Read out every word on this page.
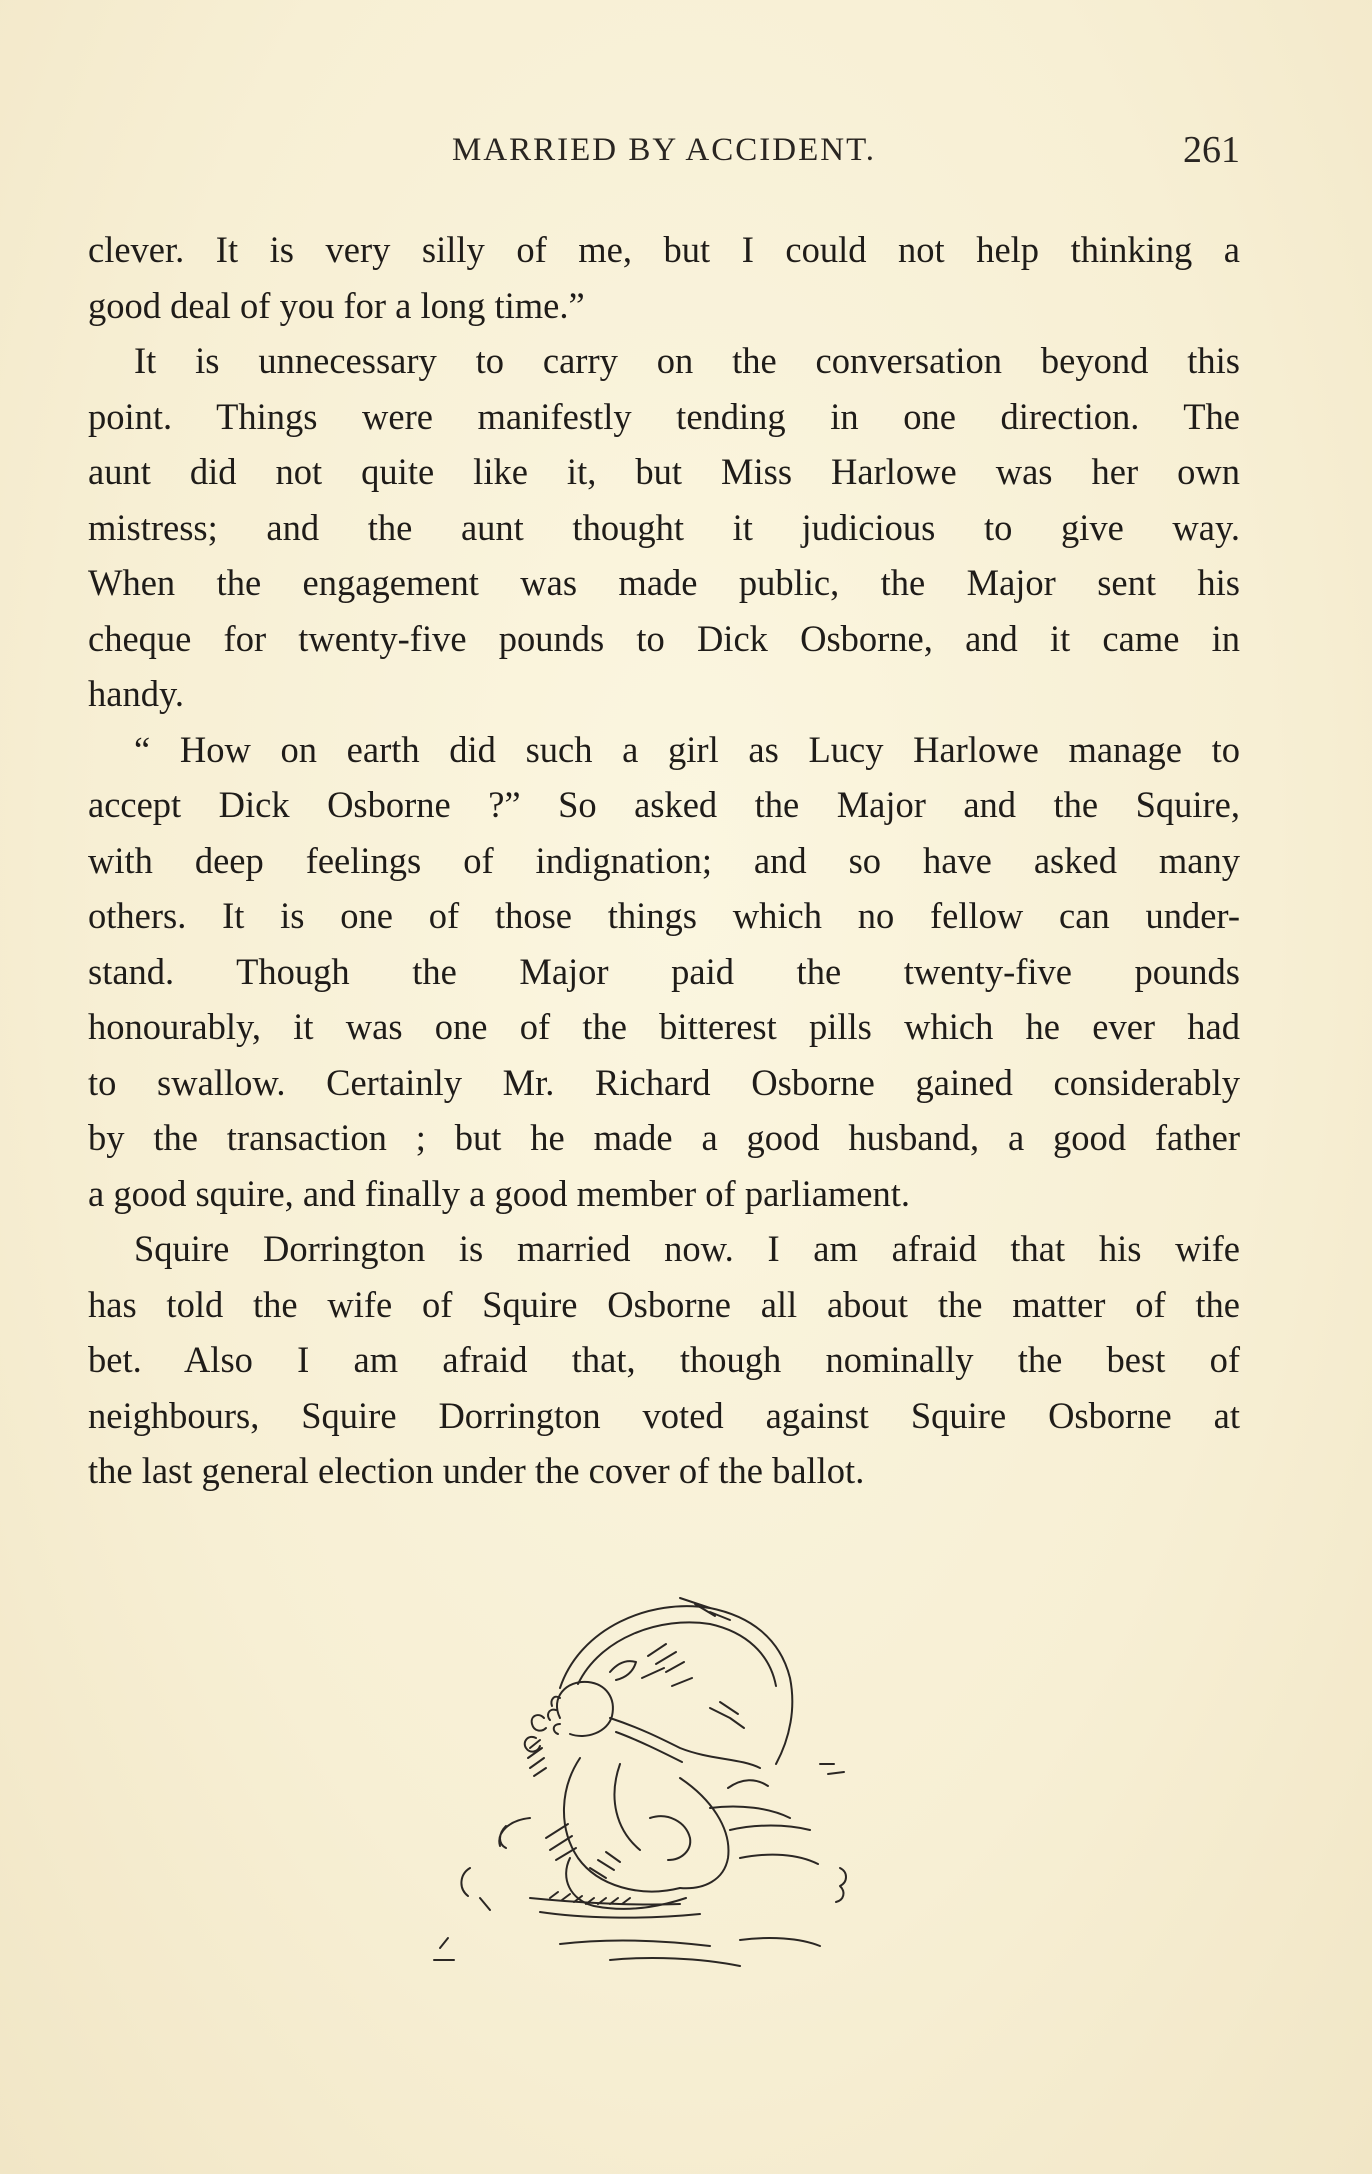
MARRIED BY ACCIDENT.	261
clever. It is very silly of me, but I could not help thinking a
good deal of you for a long time.”
It is unnecessary to carry on the conversation beyond this
point. Things were manifestly tending in one direction. The
aunt did not quite like it, but Miss Harlowe was her own
mistress; and the aunt thought it judicious to give way.
When the engagement was made public, the Major sent his
cheque for twenty-five pounds to Dick Osborne, and it came in
handy.
“ How on earth did such a girl as Lucy Harlowe manage to
accept Dick Osborne ?” So asked the Major and the Squire,
with deep feelings of indignation; and so have asked many
others. It is one of those things which no fellow can under-
stand. Though the Major paid the twenty-five pounds
honourably, it was one of the bitterest pills which he ever had
to swallow. Certainly Mr. Richard Osborne gained considerably
by the transaction ; but he made a good husband, a good father
a good squire, and finally a good member of parliament.
Squire Dorrington is married now. I am afraid that his wife
has told the wife of Squire Osborne all about the matter of the
bet. Also I am afraid that, though nominally the best of
neighbours, Squire Dorrington voted against Squire Osborne at
the last general election under the cover of the ballot.
